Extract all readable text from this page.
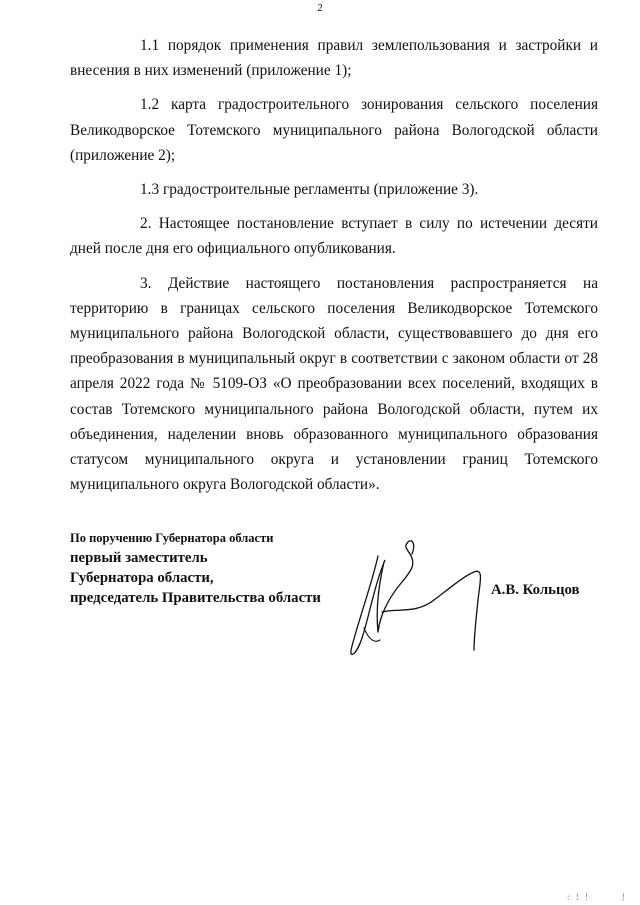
2

1.1 порядок применения правил землепользования и застройки и внесения в них изменений (приложение 1);

1.2 карта градостроительного зонирования сельского поселения Великодворское Тотемского муниципального района Вологодской области (приложение 2);

1.3 градостроительные регламенты (приложение 3).

2. Настоящее постановление вступает в силу по истечении десяти дней после дня его официального опубликования.

3. Действие настоящего постановления распространяется на территорию в границах сельского поселения Великодворское Тотемского муниципального района Вологодской области, существовавшего до дня его преобразования в муниципальный округ в соответствии с законом области от 28 апреля 2022 года № 5109-ОЗ «О преобразовании всех поселений, входящих в состав Тотемского муниципального района Вологодской области, путем их объединения, наделении вновь образованного муниципального образования статусом муниципального округа и установлении границ Тотемского муниципального округа Вологодской области».

По поручению Губернатора области
первый заместитель
Губернатора области,
председатель Правительства области	А.В. Кольцов
: ! !	!
